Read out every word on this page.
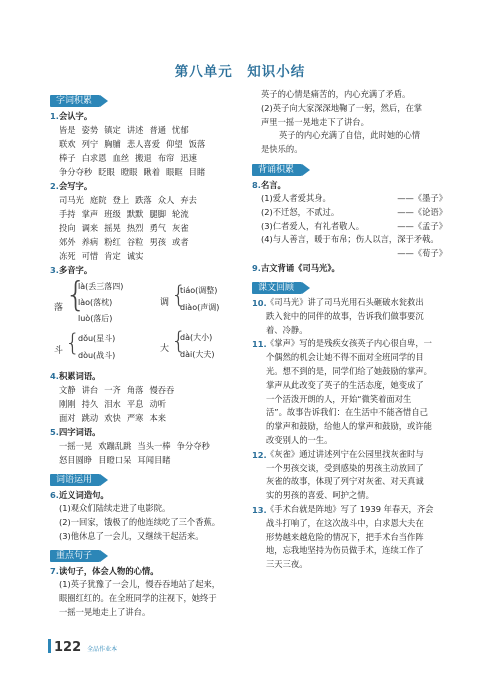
第八单元　知识小结
字词积累
1.会认字。
皆是 姿势 镇定 讲述 普通 忧郁
联欢 列宁 胸脯 悲人喜爱 仰望 饭落
棒子 白求恩 血丝 搬退 布帘 迅速
争分夺秒 眨眼 瞪眼 瞅着 眼眶 目睹
2.会写字。
司马光 庭院 登上 跌落 众人 弃去
手持 掌声 班级 默默 腿脚 轮流
投向 调来 摇晃 热烈 勇气 灰雀
郊外 养病 粉红 谷粒 男孩 或者
冻死 可惜 肯定 诚实
3.多音字。
落 {
là(丢三落四)
lào(落枕)
luò(落后)
调 {
tiáo(调整)
diào(声调)
斗 {
dǒu(星斗)
dòu(战斗)
大 {
dà(大小)
dài(大夫)
4.积累词语。
文静 讲台 一齐 角落 慢吞吞
刚刚 持久 泪水 平息 动听
面对 跳动 欢快 严寒 本来
5.四字词语。
一摇一晃 欢蹦乱跳 当头一棒 争分夺秒
怒目圆睁 目瞪口呆 耳闻目睹
词语运用
6.近义词造句。
(1)观众们陆续走进了电影院。
(2)一回家，饿极了的他连续吃了三个香蕉。
(3)他休息了一会儿，又继续干起活来。
重点句子
7.读句子，体会人物的心情。
(1)英子犹豫了一会儿，慢吞吞地站了起来，
眼圈红红的。在全班同学的注视下，她终于
一摇一晃地走上了讲台。
英子的心情是痛苦的，内心充满了矛盾。
(2)英子向大家深深地鞠了一躬，然后，在掌
声里一摇一晃地走下了讲台。
英子的内心充满了自信，此时她的心情
是快乐的。
背诵积累
8.名言。
(1)爱人者爱其身。	——《墨子》
(2)不迁怒，不贰过。	——《论语》
(3)仁者爱人，有礼者敬人。	——《孟子》
(4)与人善言，暖于布帛；伤人以言，深于矛戟。
——《荀子》
9.古文背诵《司马光》。
课文回顾
10. 《司马光》讲了司马光用石头砸破水瓮救出
跌入瓮中的同伴的故事，告诉我们做事要沉
着、冷静。
11. 《掌声》写的是残疾女孩英子内心很自卑，一
个偶然的机会让她不得不面对全班同学的目
光。想不到的是，同学们给了她鼓励的掌声。
掌声从此改变了英子的生活态度，她变成了
一个活泼开朗的人，开始“微笑着面对生
活”。故事告诉我们：在生活中不能吝惜自己
的掌声和鼓励，给他人的掌声和鼓励，或许能
改变别人的一生。
12. 《灰雀》通过讲述列宁在公园里找灰雀时与
一个男孩交谈，受到感染的男孩主动放回了
灰雀的故事，体现了列宁对灰雀、对天真诚
实的男孩的喜爱、呵护之情。
13. 《手术台就是阵地》写了 1939 年春天，齐会
战斗打响了，在这次战斗中，白求恩大夫在
形势越来越危险的情况下，把手术台当作阵
地，忘我地坚持为伤员做手术，连续工作了
三天三夜。
122 全品作业本
